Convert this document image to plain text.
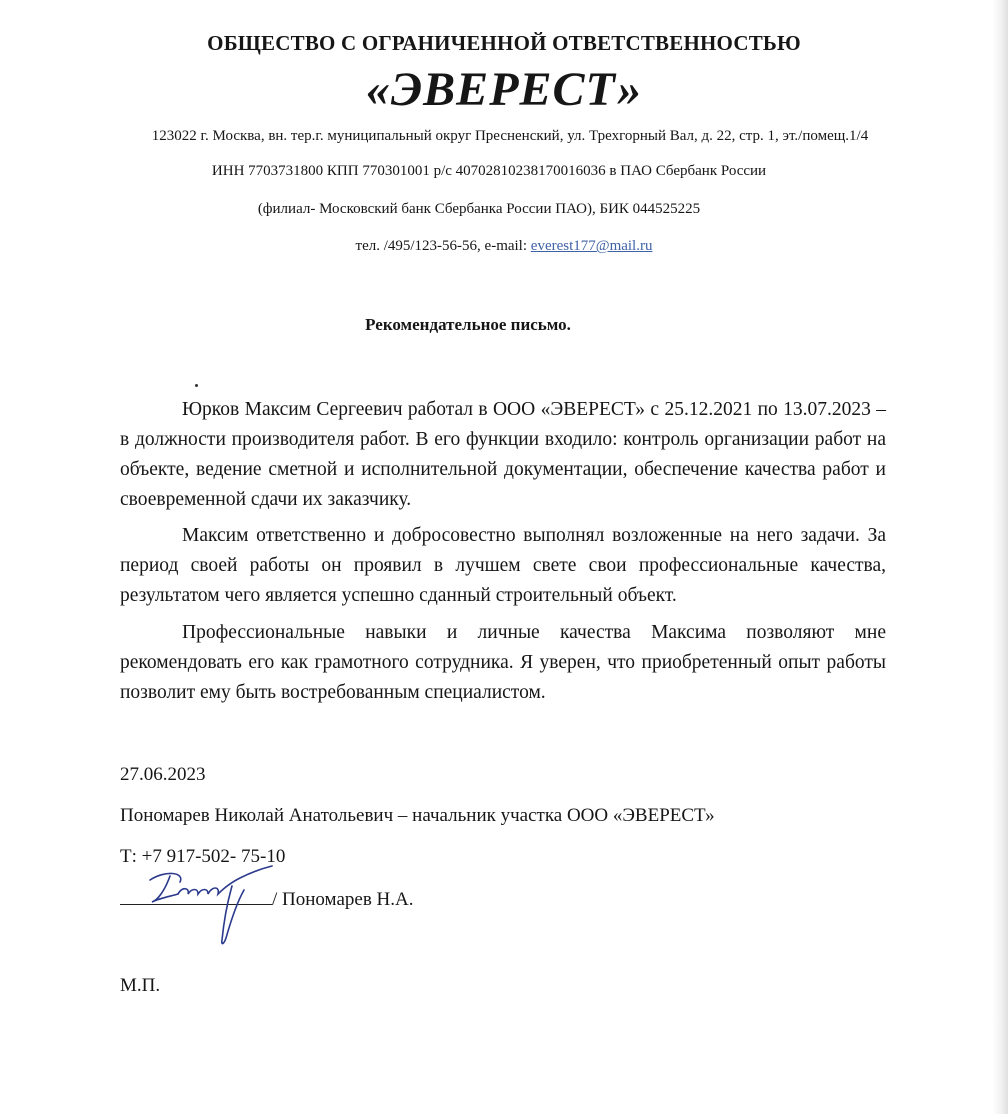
ОБЩЕСТВО С ОГРАНИЧЕННОЙ ОТВЕТСТВЕННОСТЬЮ
«ЭВЕРЕСТ»
123022 г. Москва, вн. тер.г. муниципальный округ Пресненский, ул. Трехгорный Вал, д. 22, стр. 1, эт./помещ.1/4
ИНН 7703731800 КПП 770301001 р/с 40702810238170016036 в ПАО Сбербанк России
(филиал- Московский банк Сбербанка России ПАО), БИК 044525225
тел. /495/123-56-56, e-mail: everest177@mail.ru
Рекомендательное письмо.
Юрков Максим Сергеевич работал в ООО «ЭВЕРЕСТ» с 25.12.2021 по 13.07.2023 – в должности производителя работ. В его функции входило: контроль организации работ на объекте, ведение сметной и исполнительной документации, обеспечение качества работ и своевременной сдачи их заказчику.
Максим ответственно и добросовестно выполнял возложенные на него задачи. За период своей работы он проявил в лучшем свете свои профессиональные качества, результатом чего является успешно сданный строительный объект.
Профессиональные навыки и личные качества Максима позволяют мне рекомендовать его как грамотного сотрудника. Я уверен, что приобретенный опыт работы позволит ему быть востребованным специалистом.
27.06.2023
Пономарев Николай Анатольевич – начальник участка ООО «ЭВЕРЕСТ»
Т: +7 917-502- 75-10
/ Пономарев Н.А.
М.П.
